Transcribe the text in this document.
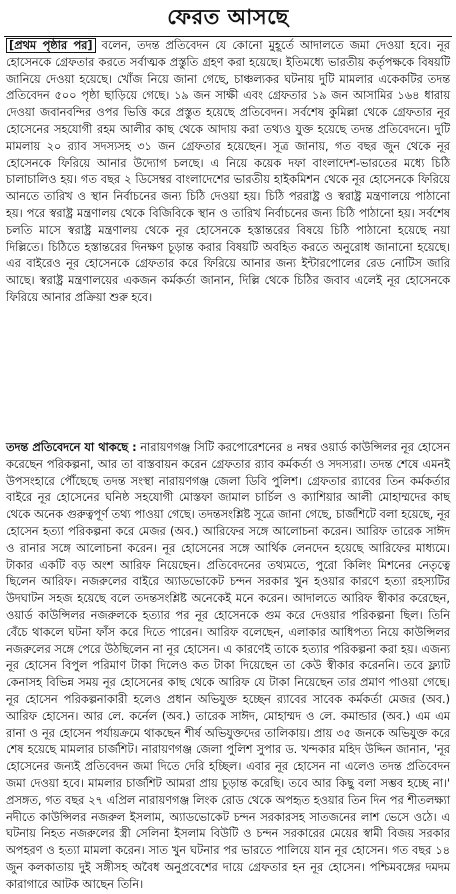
ফেরত আসছে
[প্রথম পৃষ্ঠার পর] বলেন, তদন্ত প্রতিবেদন যে কোনো মুহূর্তে আদালতে জমা দেওয়া হবে। নূর হোসেনকে গ্রেফতার করতে সর্বাত্মক প্রস্তুতি গ্রহণ করা হয়েছে। ইতিমধ্যে ভারতীয় কর্তৃপক্ষকে বিষয়টি জানিয়ে দেওয়া হয়েছে। খোঁজ নিয়ে জানা গেছে, চাঞ্চল্যকর ঘটনায় দুটি মামলার একেকটির তদন্ত প্রতিবেদন ৫০০ পৃষ্ঠা ছাড়িয়ে গেছে। ১৯ জন সাক্ষী এবং গ্রেফতার ১৯ জন আসামির ১৬৪ ধারায় দেওয়া জবানবন্দির ওপর ভিত্তি করে প্রস্তুত হয়েছে প্রতিবেদন। সর্বশেষ কুমিল্লা থেকে গ্রেফতার নূর হোসেনের সহযোগী রহম আলীর কাছ থেকে আদায় করা তথ্যও যুক্ত হয়েছে তদন্ত প্রতিবেদনে। দুটি মামলায় ২০ র‍্যাব সদস্যসহ ৩১ জন গ্রেফতার হয়েছেন। সূত্র জানায়, গত বছর জুন থেকে নূর হোসেনকে ফিরিয়ে আনার উদ্যোগ চলছে। এ নিয়ে কয়েক দফা বাংলাদেশ-ভারতের মধ্যে চিঠি চালাচালিও হয়। গত বছর ২ ডিসেম্বর বাংলাদেশের ভারতীয় হাইকমিশন থেকে নূর হোসেনকে ফিরিয়ে আনতে তারিখ ও স্থান নির্বাচনের জন্য চিঠি দেওয়া হয়। চিঠি পররাষ্ট্র ও স্বরাষ্ট্র মন্ত্রণালয়ে পাঠানো হয়। পরে স্বরাষ্ট্র মন্ত্রণালয় থেকে বিজিবিকে স্থান ও তারিখ নির্বাচনের জন্য চিঠি পাঠানো হয়। সর্বশেষ চলতি মাসে স্বরাষ্ট্র মন্ত্রণালয় থেকে নূর হোসেনকে হস্তান্তরের বিষয়ে চিঠি পাঠানো হয়েছে নয়া দিল্লিতে। চিঠিতে হস্তান্তরের দিনক্ষণ চূড়ান্ত করার বিষয়টি অবহিত করতে অনুরোধ জানানো হয়েছে। এর বাইরেও নূর হোসেনকে গ্রেফতার করে ফিরিয়ে আনার জন্য ইন্টারপোলের রেড নোটিস জারি আছে। স্বরাষ্ট্র মন্ত্রণালয়ের একজন কর্মকর্তা জানান, দিল্লি থেকে চিঠির জবাব এলেই নূর হোসেনকে ফিরিয়ে আনার প্রক্রিয়া শুরু হবে।
তদন্ত প্রতিবেদনে যা থাকছে : নারায়ণগঞ্জ সিটি করপোরেশনের ৪ নম্বর ওয়ার্ড কাউন্সিলর নূর হোসেন করেছেন পরিকল্পনা, আর তা বাস্তবায়ন করেন গ্রেফতার র‍্যাব কর্মকর্তা ও সদস্যরা। তদন্ত শেষে এমনই উপসংহারে পৌঁছেছে তদন্ত সংস্থা নারায়ণগঞ্জ জেলা ডিবি পুলিশ। গ্রেফতার র‍্যাবের তিন কর্মকর্তার বাইরে নূর হোসেনের ঘনিষ্ঠ সহযোগী মোস্তফা জামাল চার্চিল ও ক্যাশিয়ার আলী মোহাম্মদের কাছ থেকে অনেক গুরুত্বপূর্ণ তথ্য পাওয়া গেছে। তদন্তসংশ্লিষ্ট সূত্রে জানা গেছে, চার্জশিটে বলা হয়েছে, নূর হোসেন হত্যা পরিকল্পনা করে মেজর (অব.) আরিফের সঙ্গে আলোচনা করেন। আরিফ তারেক সাঈদ ও রানার সঙ্গে আলোচনা করেন। নূর হোসেনের সঙ্গে আর্থিক লেনদেন হয়েছে আরিফের মাধ্যমে। টাকার একটি বড় অংশ আরিফ নিয়েছেন। প্রতিবেদনের তথ্যমতে, পুরো কিলিং মিশনের নেতৃত্বে ছিলেন আরিফ। নজরুলের বাইরে অ্যাডভোকেট চন্দন সরকার খুন হওয়ার কারণে হত্যা রহস্যটির উদঘাটন সহজ হয়েছে বলে তদন্তসংশ্লিষ্ট অনেকেই মনে করেন। আদালতে আরিফ স্বীকার করেছেন, ওয়ার্ড কাউন্সিলর নজরুলকে হত্যার পর নূর হোসেনকে গুম করে দেওয়ার পরিকল্পনা ছিল। তিনি বেঁচে থাকলে ঘটনা ফাঁস করে দিতে পারেন। আরিফ বলেছেন, এলাকার আধিপত্য নিয়ে কাউন্সিলর নজরুলের সঙ্গে পেরে উঠছিলেন না নূর হোসেন। এ কারণেই তাকে হত্যার পরিকল্পনা করা হয়। এজন্য নূর হোসেন বিপুল পরিমাণ টাকা দিলেও কত টাকা দিয়েছেন তা কেউ স্বীকার করেননি। তবে ফ্ল্যাট কেনাসহ বিভিন্ন সময় নূর হোসেনের কাছ থেকে আরিফ যে টাকা নিয়েছেন তার প্রমাণ পাওয়া গেছে। নূর হোসেন পরিকল্পনাকারী হলেও প্রধান অভিযুক্ত হচ্ছেন র‍্যাবের সাবেক কর্মকর্তা মেজর (অব.) আরিফ হোসেন। আর লে. কর্নেল (অব.) তারেক সাঈদ, মোহাম্মদ ও লে. কমান্ডার (অব.) এম এম রানা ও নূর হোসেন পর্যায়ক্রমে থাকছেন শীর্ষ অভিযুক্তদের তালিকায়। প্রায় ৩৫ জনকে অভিযুক্ত করে শেষ হয়েছে মামলার চার্জশিট। নারায়ণগঞ্জ জেলা পুলিশ সুপার ড. খন্দকার মহিদ উদ্দিন জানান, 'নূর হোসেনের জন্যই প্রতিবেদন জমা দিতে দেরি হচ্ছিল। এবার নূর হোসেন না এলেও তদন্ত প্রতিবেদন জমা দেওয়া হবে। মামলার চার্জশিট আমরা প্রায় চূড়ান্ত করেছি। তবে আর কিছু বলা সম্ভব হচ্ছে না।' প্রসঙ্গত, গত বছর ২৭ এপ্রিল নারায়ণগঞ্জ লিংক রোড থেকে অপহৃত হওয়ার তিন দিন পর শীতলক্ষ্যা নদীতে কাউন্সিলর নজরুল ইসলাম, অ্যাডভোকেট চন্দন সরকারসহ সাতজনের লাশ ভেসে ওঠে। এ ঘটনায় নিহত নজরুলের স্ত্রী সেলিনা ইসলাম বিউটি ও চন্দন সরকারের মেয়ের স্বামী বিজয় সরকার অপহরণ ও হত্যা মামলা করেন। সাত খুন ঘটনার পর ভারতে পালিয়ে যান নূর হোসেন। গত বছর ১৪ জুন কলকাতায় দুই সঙ্গীসহ অবৈধ অনুপ্রবেশের দায়ে গ্রেফতার হন নূর হোসেন। পশ্চিমবঙ্গের দমদম কারাগারে আটক আছেন তিনি।
